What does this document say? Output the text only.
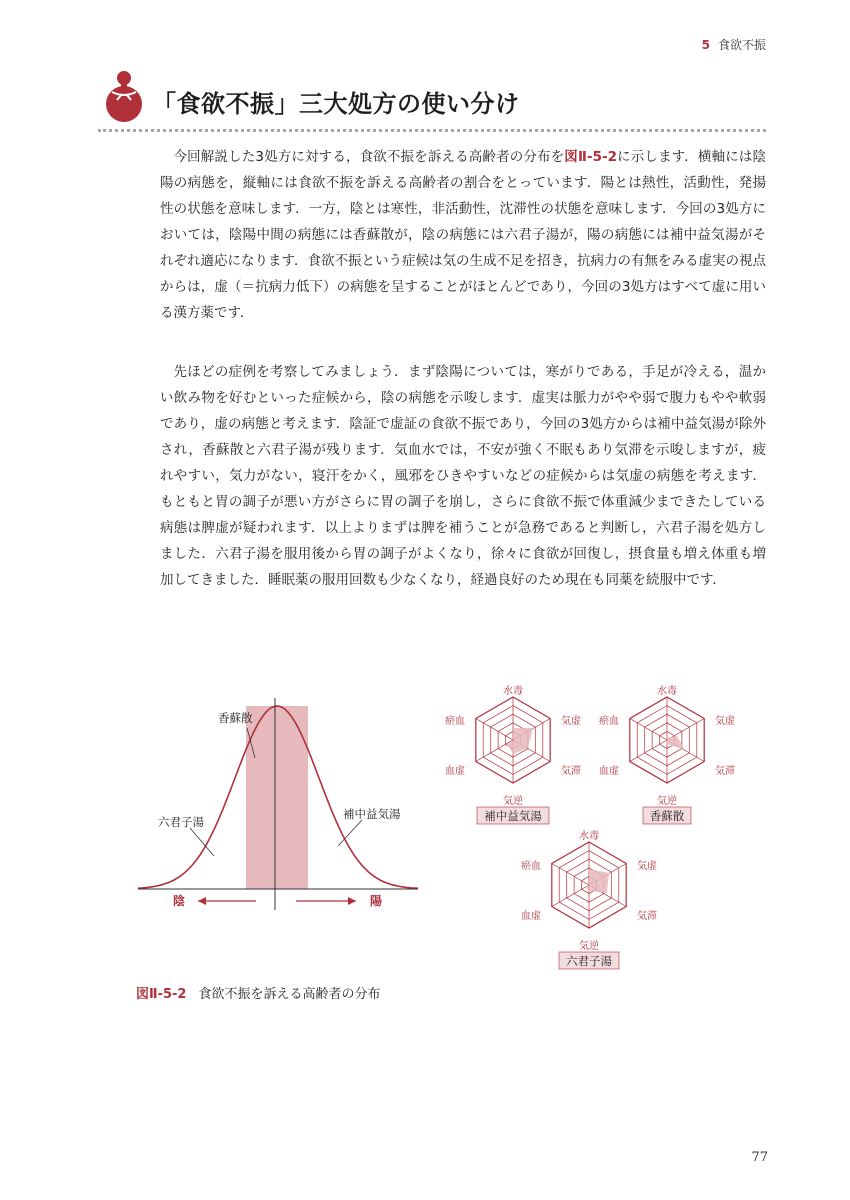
5 食欲不振
「食欲不振」三大処方の使い分け

今回解説した3処方に対する，食欲不振を訴える高齢者の分布を図Ⅱ-5-2に示します．横軸には陰陽の病態を，縦軸には食欲不振を訴える高齢者の割合をとっています．陽とは熱性，活動性，発揚性の状態を意味します．一方，陰とは寒性，非活動性，沈滞性の状態を意味します．今回の3処方においては，陰陽中間の病態には香蘇散が，陰の病態には六君子湯が，陽の病態には補中益気湯がそれぞれ適応になります．食欲不振という症候は気の生成不足を招き，抗病力の有無をみる虚実の視点からは，虚（＝抗病力低下）の病態を呈することがほとんどであり，今回の3処方はすべて虚に用いる漢方薬です．

先ほどの症例を考察してみましょう．まず陰陽については，寒がりである，手足が冷える，温かい飲み物を好むといった症候から，陰の病態を示唆します．虚実は脈力がやや弱で腹力もやや軟弱であり，虚の病態と考えます．陰証で虚証の食欲不振であり，今回の3処方からは補中益気湯が除外され，香蘇散と六君子湯が残ります．気血水では，不安が強く不眠もあり気滞を示唆しますが，疲れやすい，気力がない，寝汗をかく，風邪をひきやすいなどの症候からは気虚の病態を考えます．もともと胃の調子が悪い方がさらに胃の調子を崩し，さらに食欲不振で体重減少まできたしている病態は脾虚が疑われます．以上よりまずは脾を補うことが急務であると判断し，六君子湯を処方しました．六君子湯を服用後から胃の調子がよくなり，徐々に食欲が回復し，摂食量も増え体重も増加してきました．睡眠薬の服用回数も少なくなり，経過良好のため現在も同薬を続服中です．

香蘇散
六君子湯
補中益気湯
陰	陽
水毒
気虚
気滞
気逆
血虚
瘀血
補中益気湯
水毒
気虚
気滞
気逆
血虚
瘀血
香蘇散
水毒
気虚
気滞
気逆
血虚
瘀血
六君子湯
図Ⅱ-5-2 食欲不振を訴える高齢者の分布
77
